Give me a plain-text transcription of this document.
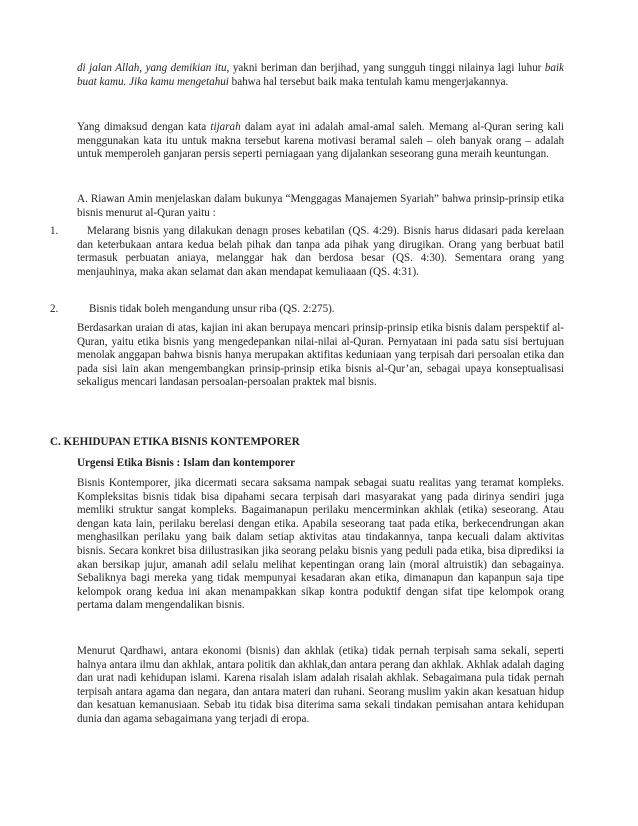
di jalan Allah, yang demikian itu, yakni beriman dan berjihad, yang sungguh tinggi nilainya lagi luhur baik buat kamu. Jika kamu mengetahui bahwa hal tersebut baik maka tentulah kamu mengerjakannya.

Yang dimaksud dengan kata tijarah dalam ayat ini adalah amal-amal saleh. Memang al-Quran sering kali menggunakan kata itu untuk makna tersebut karena motivasi beramal saleh – oleh banyak orang – adalah untuk memperoleh ganjaran persis seperti perniagaan yang dijalankan seseorang guna meraih keuntungan.

A. Riawan Amin menjelaskan dalam bukunya “Menggagas Manajemen Syariah” bahwa prinsip-prinsip etika bisnis menurut al-Quran yaitu :

1.	Melarang bisnis yang dilakukan denagn proses kebatilan (QS. 4:29). Bisnis harus didasari pada kerelaan dan keterbukaan antara kedua belah pihak dan tanpa ada pihak yang dirugikan. Orang yang berbuat batil termasuk perbuatan aniaya, melanggar hak dan berdosa besar (QS. 4:30). Sementara orang yang menjauhinya, maka akan selamat dan akan mendapat kemuliaaan (QS. 4:31).

2.	Bisnis tidak boleh mengandung unsur riba (QS. 2:275).

Berdasarkan uraian di atas, kajian ini akan berupaya mencari prinsip-prinsip etika bisnis dalam perspektif al-Quran, yaitu etika bisnis yang mengedepankan nilai-nilai al-Quran. Pernyataan ini pada satu sisi bertujuan menolak anggapan bahwa bisnis hanya merupakan aktifitas keduniaan yang terpisah dari persoalan etika dan pada sisi lain akan mengembangkan prinsip-prinsip etika bisnis al-Qur’an, sebagai upaya konseptualisasi sekaligus mencari landasan persoalan-persoalan praktek mal bisnis.

C. KEHIDUPAN ETIKA BISNIS KONTEMPORER
Urgensi Etika Bisnis : Islam dan kontemporer

Bisnis Kontemporer, jika dicermati secara saksama nampak sebagai suatu realitas yang teramat kompleks. Kompleksitas bisnis tidak bisa dipahami secara terpisah dari masyarakat yang pada dirinya sendiri juga memliki struktur sangat kompleks. Bagaimanapun perilaku mencerminkan akhlak (etika) seseorang. Atau dengan kata lain, perilaku berelasi dengan etika. Apabila seseorang taat pada etika, berkecendrungan akan menghasilkan perilaku yang baik dalam setiap aktivitas atau tindakannya, tanpa kecuali dalam aktivitas bisnis. Secara konkret bisa diilustrasikan jika seorang pelaku bisnis yang peduli pada etika, bisa diprediksi ia akan bersikap jujur, amanah adil selalu melihat kepentingan orang lain (moral altruistik) dan sebagainya. Sebaliknya bagi mereka yang tidak mempunyai kesadaran akan etika, dimanapun dan kapanpun saja tipe kelompok orang kedua ini akan menampakkan sikap kontra poduktif dengan sifat tipe kelompok orang pertama dalam mengendalikan bisnis.

Menurut Qardhawi, antara ekonomi (bisnis) dan akhlak (etika) tidak pernah terpisah sama sekali, seperti halnya antara ilmu dan akhlak, antara politik dan akhlak,dan antara perang dan akhlak. Akhlak adalah daging dan urat nadi kehidupan islami. Karena risalah islam adalah risalah akhlak. Sebagaimana pula tidak pernah terpisah antara agama dan negara, dan antara materi dan ruhani. Seorang muslim yakin akan kesatuan hidup dan kesatuan kemanusiaan. Sebab itu tidak bisa diterima sama sekali tindakan pemisahan antara kehidupan dunia dan agama sebagaimana yang terjadi di eropa.
